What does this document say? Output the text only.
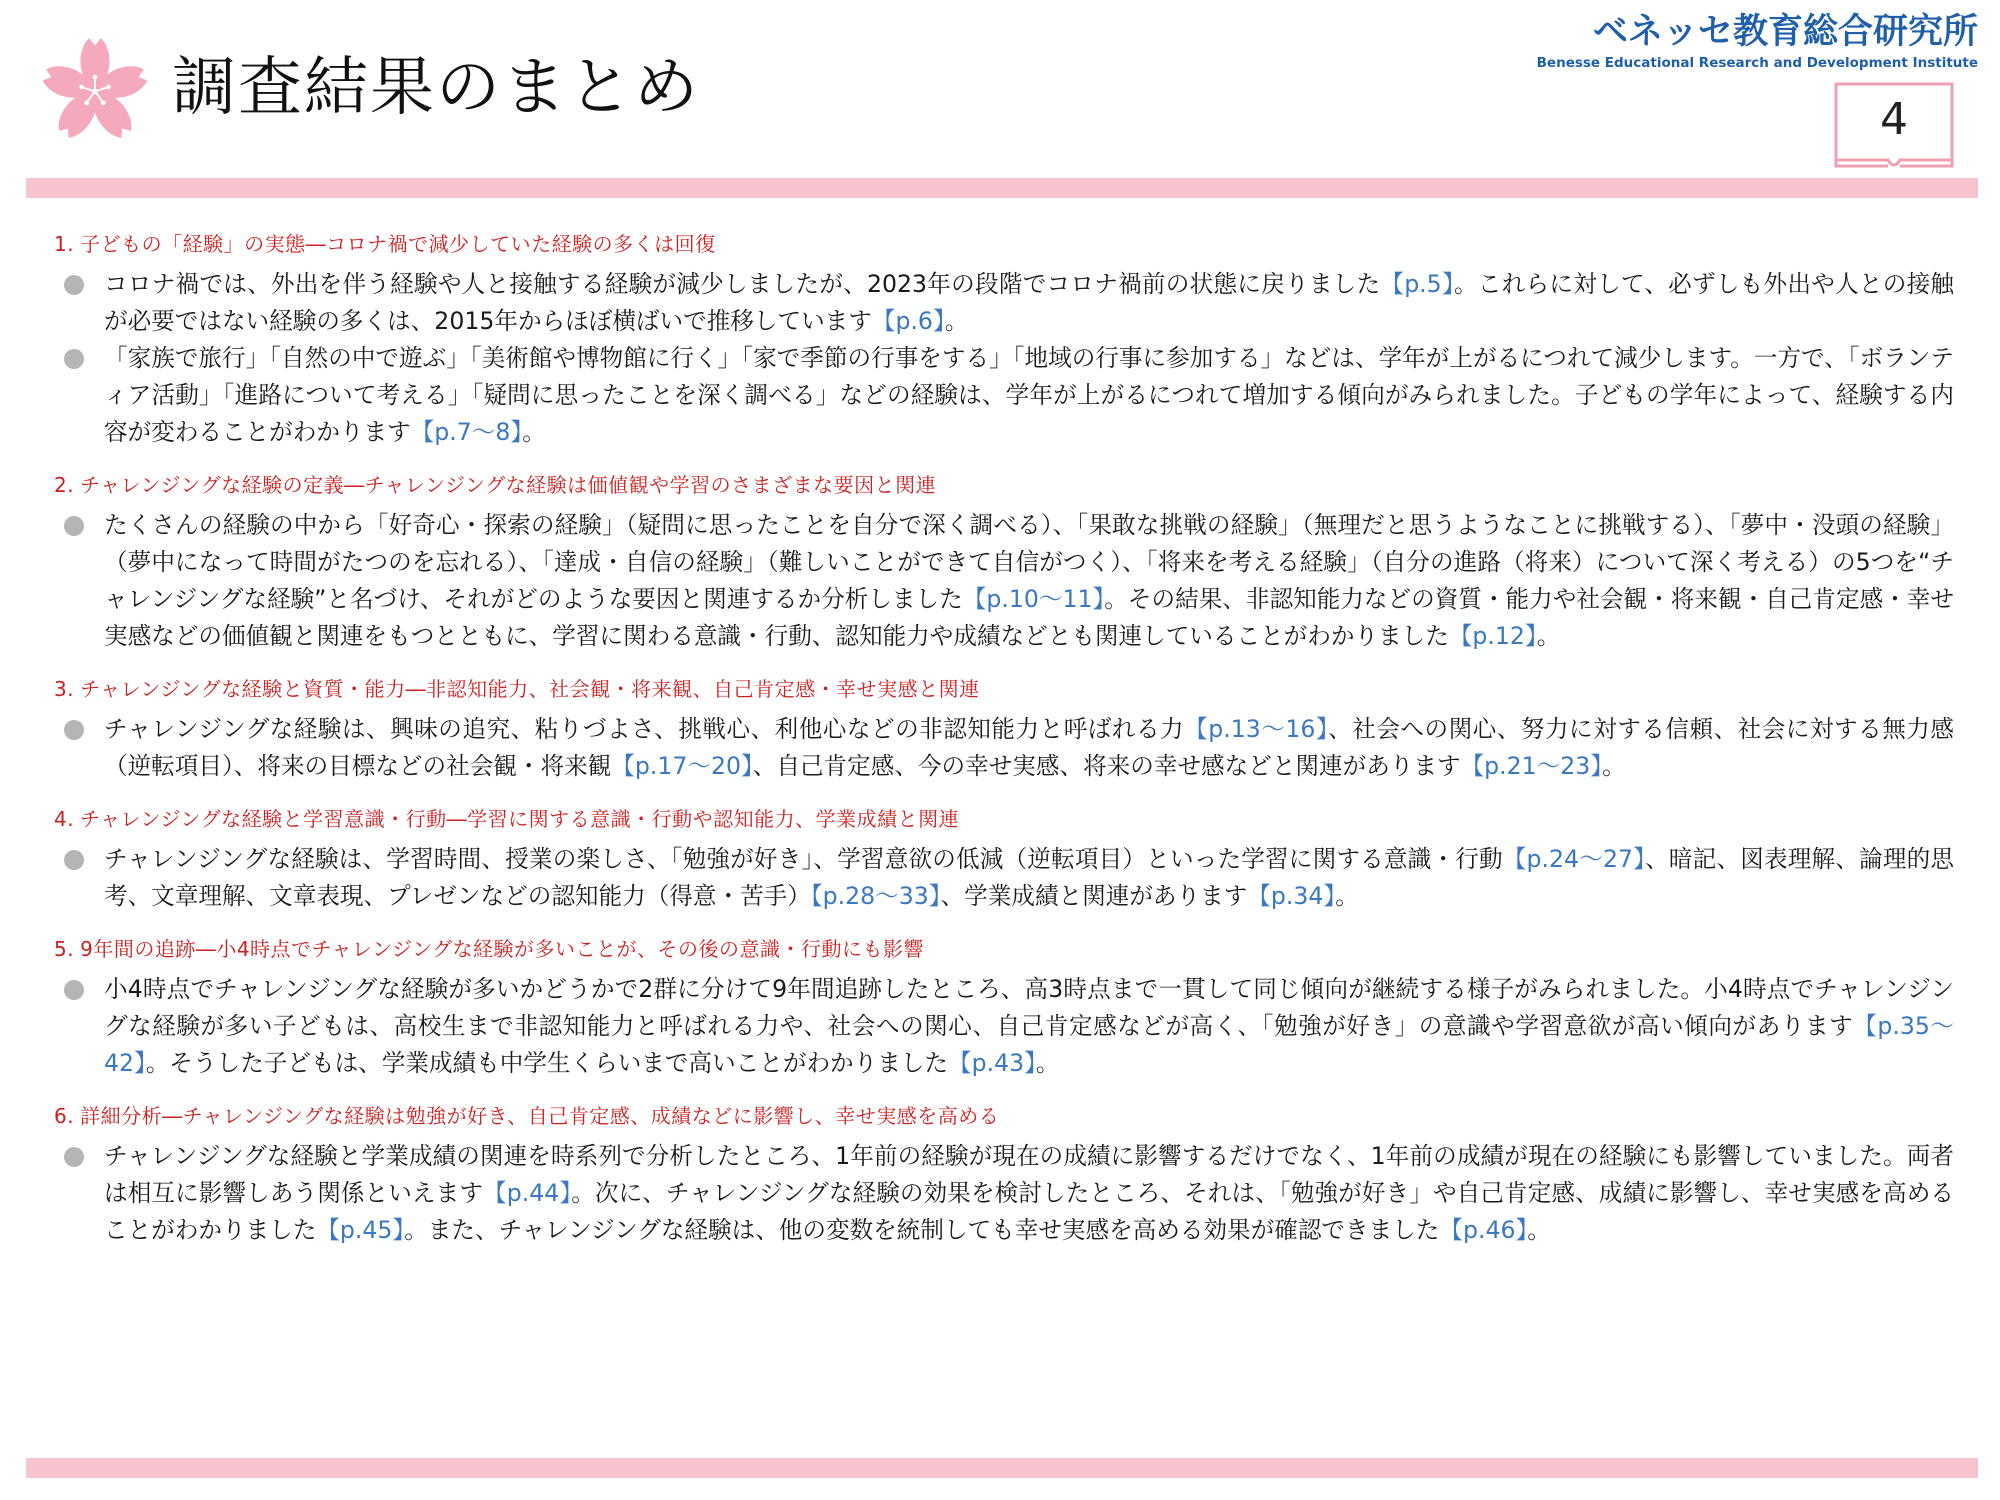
調査結果のまとめ
ベネッセ教育総合研究所
Benesse Educational Research and Development Institute
4
1. 子どもの「経験」の実態―コロナ禍で減少していた経験の多くは回復
コロナ禍では、外出を伴う経験や人と接触する経験が減少しましたが、2023年の段階でコロナ禍前の状態に戻りました【p.5】。これらに対して、必ずしも外出や人との接触が必要ではない経験の多くは、2015年からほぼ横ばいで推移しています【p.6】。
「家族で旅行」「自然の中で遊ぶ」「美術館や博物館に行く」「家で季節の行事をする」「地域の行事に参加する」などは、学年が上がるにつれて減少します。一方で、「ボランティア活動」「進路について考える」「疑問に思ったことを深く調べる」などの経験は、学年が上がるにつれて増加する傾向がみられました。子どもの学年によって、経験する内容が変わることがわかります【p.7～8】。
2. チャレンジングな経験の定義―チャレンジングな経験は価値観や学習のさまざまな要因と関連
たくさんの経験の中から「好奇心・探索の経験」（疑問に思ったことを自分で深く調べる）、「果敢な挑戦の経験」（無理だと思うようなことに挑戦する）、「夢中・没頭の経験」（夢中になって時間がたつのを忘れる）、「達成・自信の経験」（難しいことができて自信がつく）、「将来を考える経験」（自分の進路（将来）について深く考える）の5つを“チャレンジングな経験”と名づけ、それがどのような要因と関連するか分析しました【p.10～11】。その結果、非認知能力などの資質・能力や社会観・将来観・自己肯定感・幸せ実感などの価値観と関連をもつとともに、学習に関わる意識・行動、認知能力や成績などとも関連していることがわかりました【p.12】。
3. チャレンジングな経験と資質・能力―非認知能力、社会観・将来観、自己肯定感・幸せ実感と関連
チャレンジングな経験は、興味の追究、粘りづよさ、挑戦心、利他心などの非認知能力と呼ばれる力【p.13～16】、社会への関心、努力に対する信頼、社会に対する無力感（逆転項目）、将来の目標などの社会観・将来観【p.17～20】、自己肯定感、今の幸せ実感、将来の幸せ感などと関連があります【p.21～23】。
4. チャレンジングな経験と学習意識・行動―学習に関する意識・行動や認知能力、学業成績と関連
チャレンジングな経験は、学習時間、授業の楽しさ、「勉強が好き」、学習意欲の低減（逆転項目）といった学習に関する意識・行動【p.24～27】、暗記、図表理解、論理的思考、文章理解、文章表現、プレゼンなどの認知能力（得意・苦手）【p.28～33】、学業成績と関連があります【p.34】。
5. 9年間の追跡―小4時点でチャレンジングな経験が多いことが、その後の意識・行動にも影響
小4時点でチャレンジングな経験が多いかどうかで2群に分けて9年間追跡したところ、高3時点まで一貫して同じ傾向が継続する様子がみられました。小4時点でチャレンジングな経験が多い子どもは、高校生まで非認知能力と呼ばれる力や、社会への関心、自己肯定感などが高く、「勉強が好き」の意識や学習意欲が高い傾向があります【p.35～42】。そうした子どもは、学業成績も中学生くらいまで高いことがわかりました【p.43】。
6. 詳細分析―チャレンジングな経験は勉強が好き、自己肯定感、成績などに影響し、幸せ実感を高める
チャレンジングな経験と学業成績の関連を時系列で分析したところ、1年前の経験が現在の成績に影響するだけでなく、1年前の成績が現在の経験にも影響していました。両者は相互に影響しあう関係といえます【p.44】。次に、チャレンジングな経験の効果を検討したところ、それは、「勉強が好き」や自己肯定感、成績に影響し、幸せ実感を高めることがわかりました【p.45】。また、チャレンジングな経験は、他の変数を統制しても幸せ実感を高める効果が確認できました【p.46】。
